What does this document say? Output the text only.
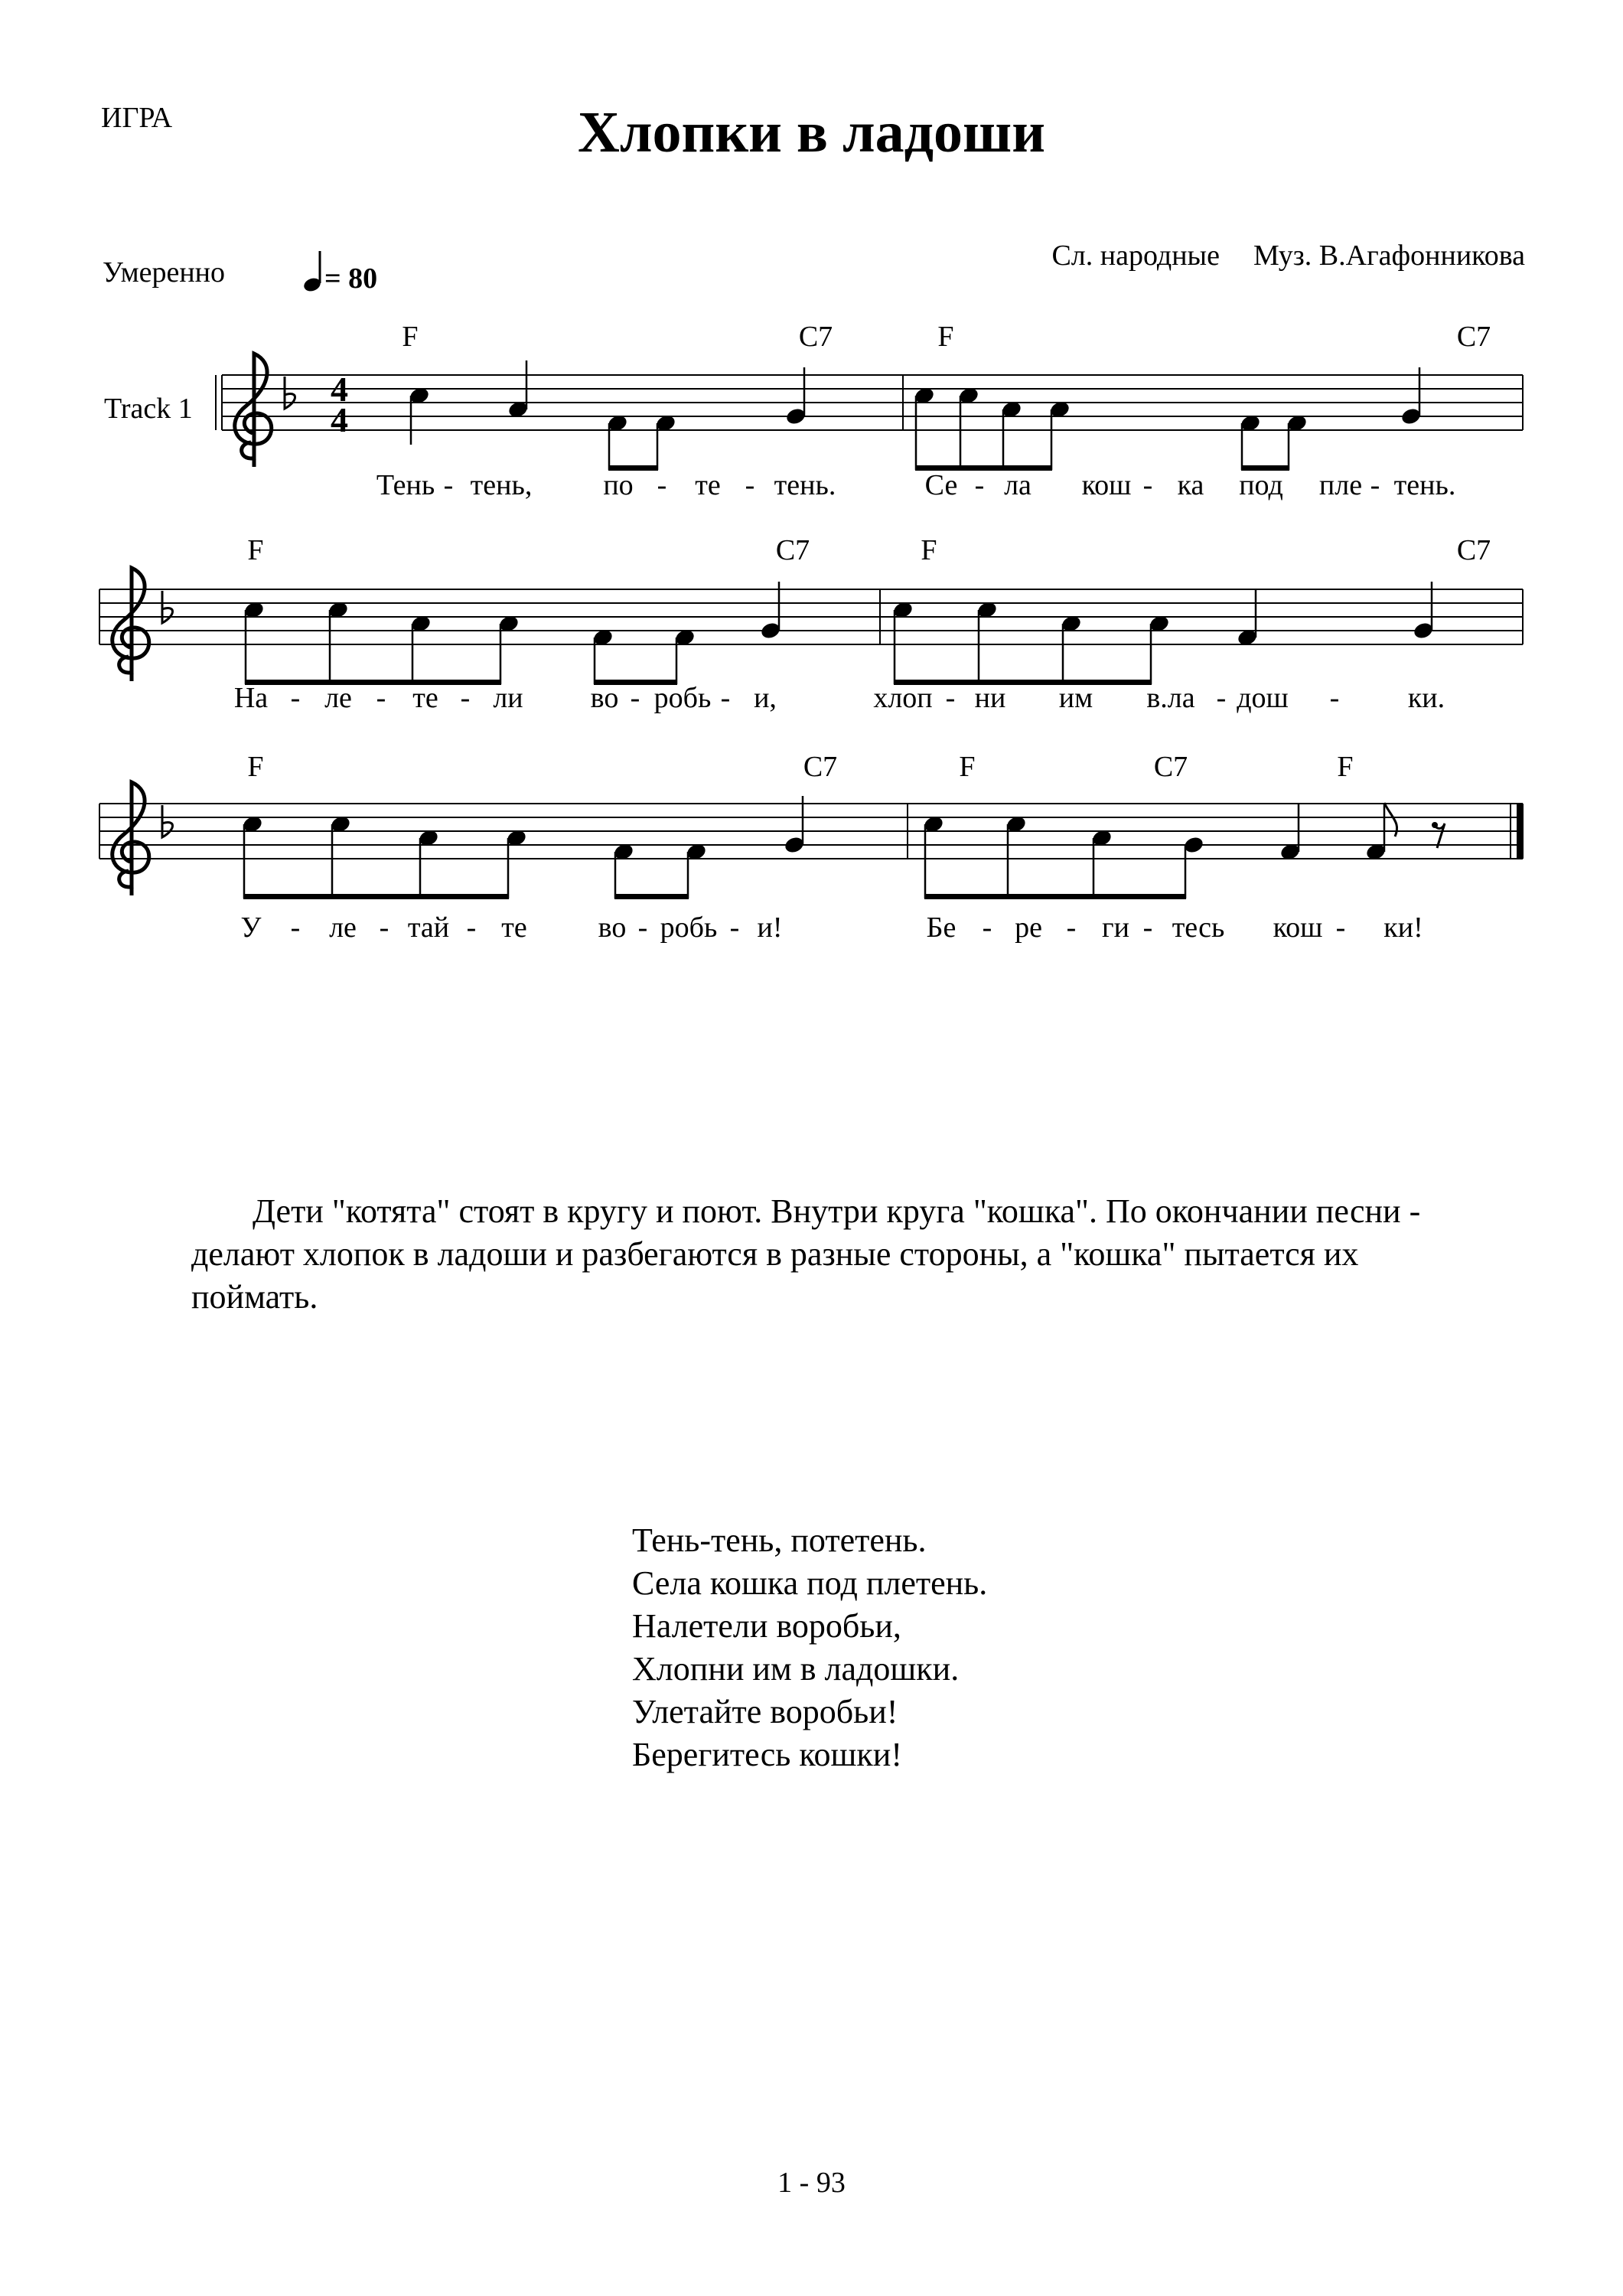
ИГРА	Хлопки в ладоши
Умеренно	= 80
Сл. народные Муз. В.Агафонникова
Track 1	4
4
F	C7	F	C7
F	C7	F	C7
F	C7	F	C7	F
Тень - тень, по - те - тень.	Се - ла кош - ка под пле - тень.
На - ле - те - ли во - робь - и,	хлоп - ни им в.ла - дош - ки.
У - ле - тай - те во - робь - и!	Бе - ре - ги - тесь кош - ки!

Дети "котята" стоят в кругу и поют. Внутри круга "кошка". По окончании песни - делают хлопок в ладоши и разбегаются в разные стороны, а "кошка" пытается их поймать.

Тень-тень, потетень.
Села кошка под плетень.
Налетели воробьи,
Хлопни им в ладошки.
Улетайте воробьи!
Берегитесь кошки!
1 - 93
